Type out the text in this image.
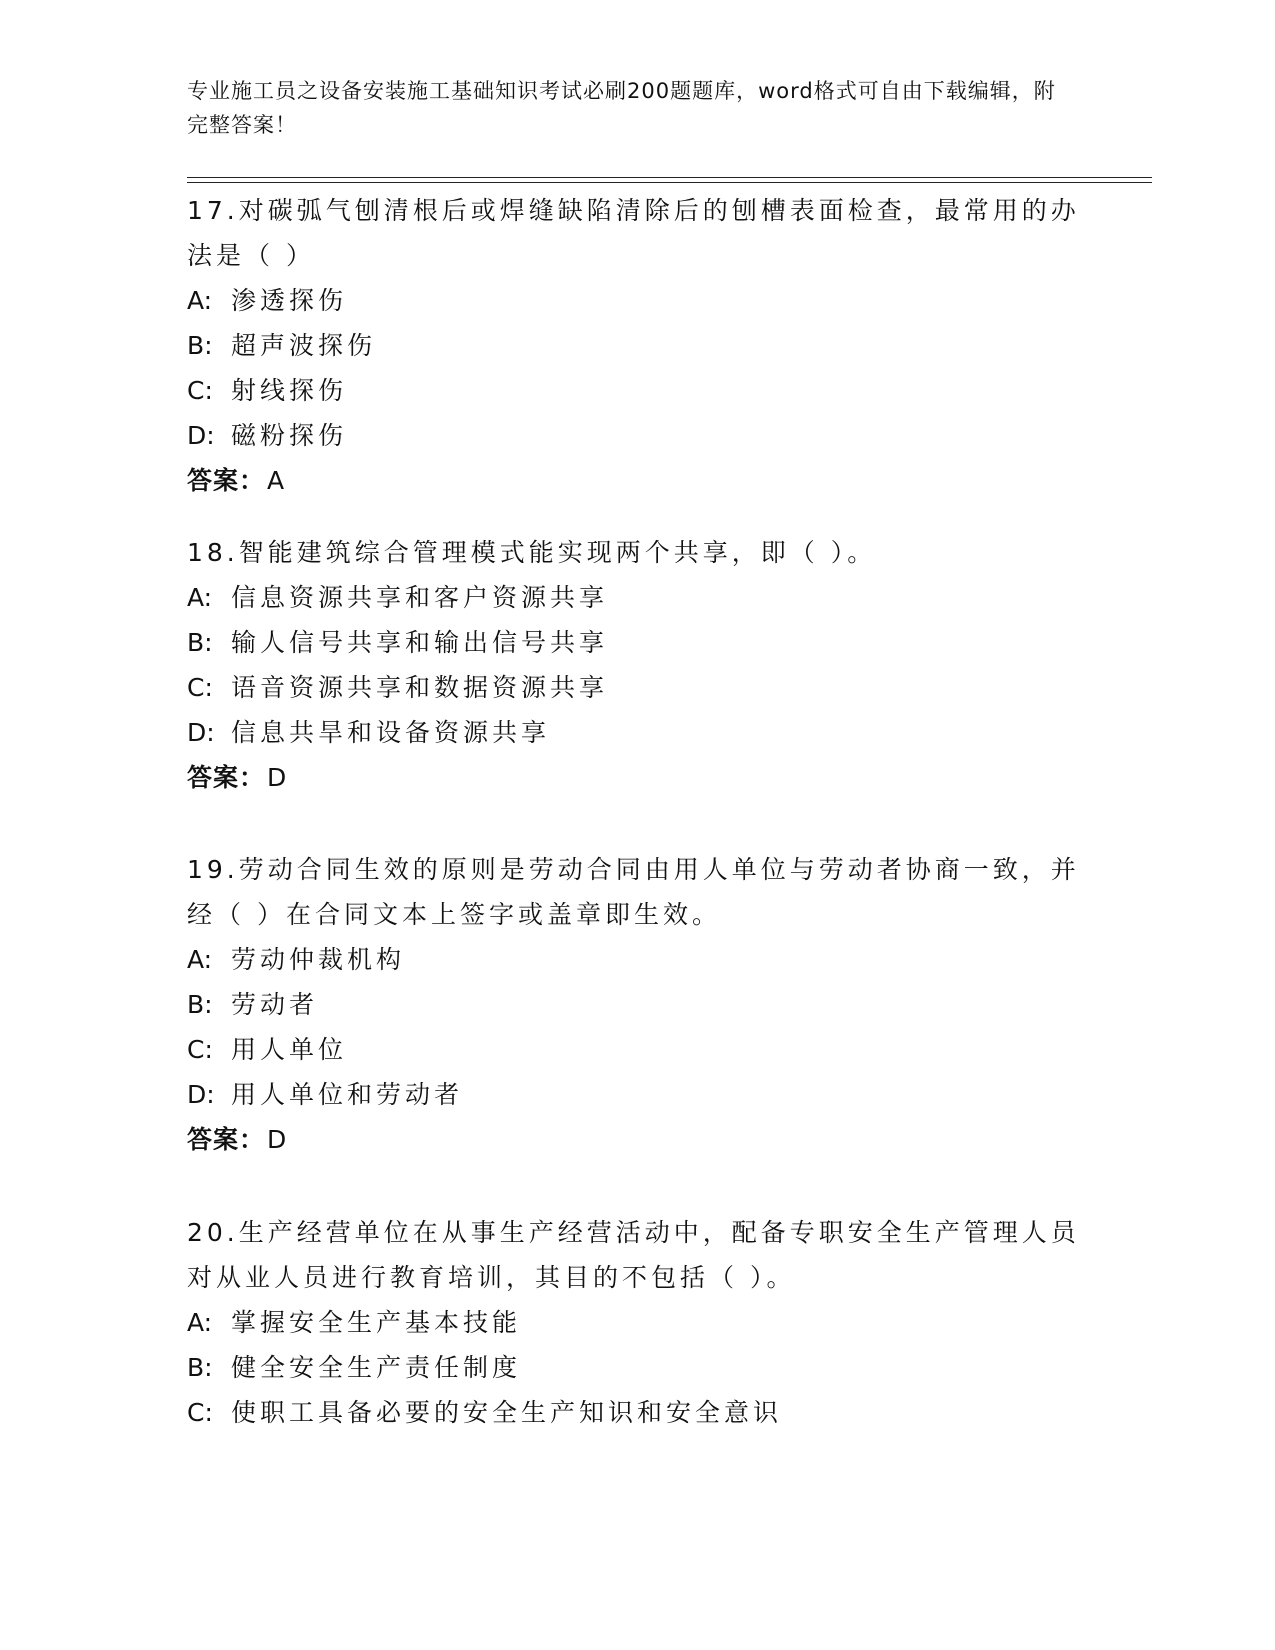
专业施工员之设备安装施工基础知识考试必刷200题题库，word格式可自由下载编辑，附完整答案！

17.对碳弧气刨清根后或焊缝缺陷清除后的刨槽表面检查，最常用的办法是（ ）

A: 渗透探伤
B: 超声波探伤
C: 射线探伤
D: 磁粉探伤
答案：A

18.智能建筑综合管理模式能实现两个共享，即（ ）。

A: 信息资源共享和客户资源共享
B: 输人信号共享和输出信号共享
C: 语音资源共享和数据资源共享
D: 信息共旱和设备资源共享
答案：D

19.劳动合同生效的原则是劳动合同由用人单位与劳动者协商一致，并经（ ）在合同文本上签字或盖章即生效。

A: 劳动仲裁机构
B: 劳动者
C: 用人单位
D: 用人单位和劳动者
答案：D

20.生产经营单位在从事生产经营活动中，配备专职安全生产管理人员对从业人员进行教育培训，其目的不包括（ ）。

A: 掌握安全生产基本技能
B: 健全安全生产责任制度
C: 使职工具备必要的安全生产知识和安全意识
